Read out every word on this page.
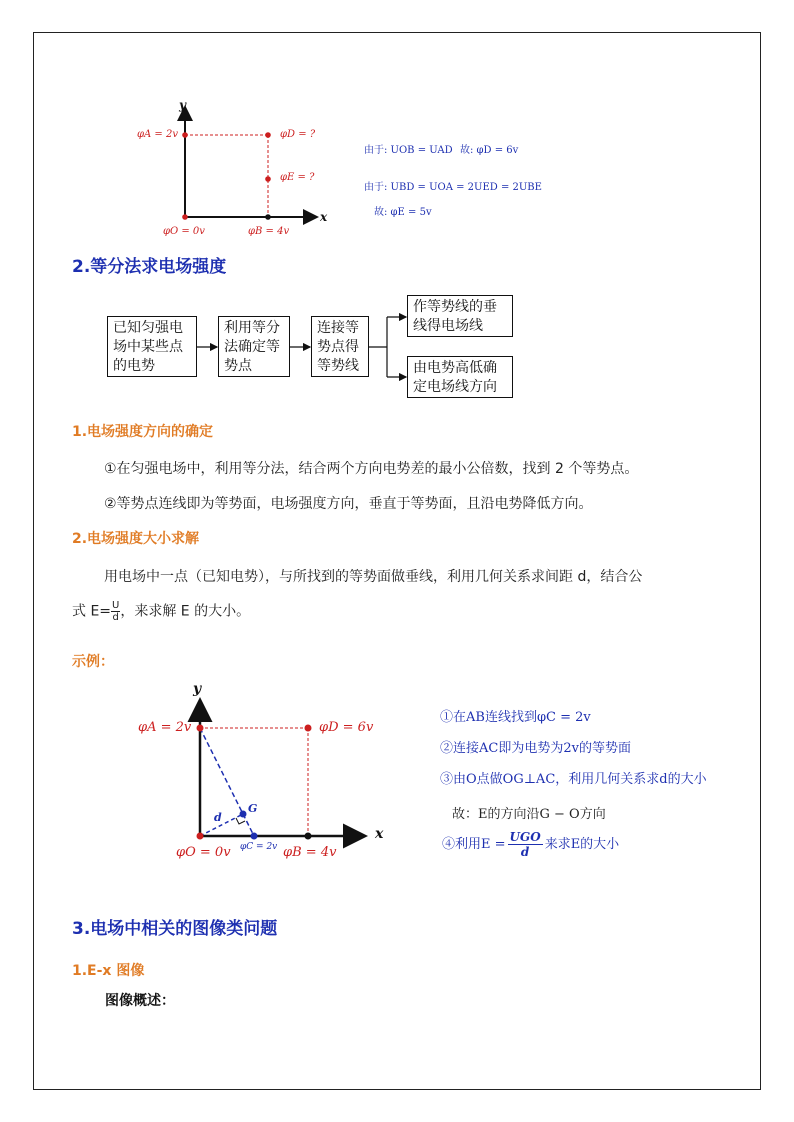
y
x
φA = 2v	φD = ?
φE = ?
φO = 0v	φB = 4v
由于: UOB = UAD 故: φD = 6v
由于: UBD = UOA = 2UED = 2UBE
故: φE = 5v
2.等分法求电场强度
已知匀强电场中某些点的电势
利用等分法确定等势点
连接等势点得等势线
作等势线的垂线得电场线
由电势高低确定电场线方向
1.电场强度方向的确定
①在匀强电场中，利用等分法，结合两个方向电势差的最小公倍数，找到 2 个等势点。
②等势点连线即为等势面，电场强度方向，垂直于等势面，且沿电势降低方向。
2.电场强度大小求解
用电场中一点（已知电势），与所找到的等势面做垂线，利用几何关系求间距 d，结合公
式 $E= \frac{U}{d}$ ，来求解 E 的大小。
示例：
y
x
φA = 2v	φD = 6v
φO = 0v φC = 2v φB = 4v
G
d
①在AB连线找到φC = 2v
②连接AC即为电势为2v的等势面
③由O点做OG⊥AC，利用几何关系求d的大小
故：E的方向沿G − O方向
④利用E = UGO
d	来求E的大小
3.电场中相关的图像类问题
1.E-x 图像
图像概述：
